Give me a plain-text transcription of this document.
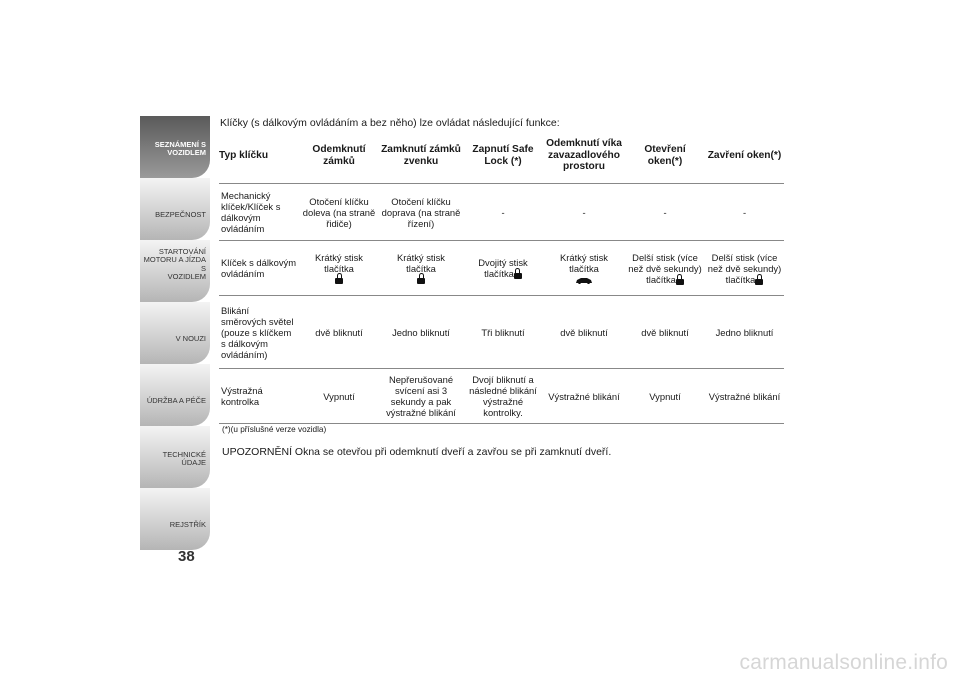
SEZNÁMENÍ S
VOZIDLEM
BEZPEČNOST
STARTOVÁNÍ
MOTORU A JÍZDA S
VOZIDLEM
V NOUZI
ÚDRŽBA A PÉČE
TECHNICKÉ ÚDAJE
REJSTŘÍK
38
Klíčky (s dálkovým ovládáním a bez něho) lze ovládat následující funkce:
Typ klíčku	Odemknutí zámků	Zamknutí zámků zvenku	Zapnutí Safe Lock (*)	Odemknutí víka zavazadlového prostoru	Otevření oken(*)	Zavření oken(*)
Mechanický klíček/Klíček s dálkovým ovládáním	Otočení klíčku doleva (na straně řidiče)	Otočení klíčku doprava (na straně řízení)	-	-	-	-
Klíček s dálkovým ovládáním	Krátký stisk tlačítka	Krátký stisk tlačítka	Dvojitý stisk tlačítka	Krátký stisk tlačítka	Delší stisk (více než dvě sekundy) tlačítka	Delší stisk (více než dvě sekundy) tlačítka
Blikání směrových světel (pouze s klíčkem s dálkovým ovládáním)	dvě bliknutí	Jedno bliknutí	Tři bliknutí	dvě bliknutí	dvě bliknutí	Jedno bliknutí
Výstražná kontrolka	Vypnutí	Nepřerušované svícení asi 3 sekundy a pak výstražné blikání	Dvojí bliknutí a následné blikání výstražné kontrolky.	Výstražné blikání	Vypnutí	Výstražné blikání
(*)(u příslušné verze vozidla)
UPOZORNĚNÍ Okna se otevřou při odemknutí dveří a zavřou se při zamknutí dveří.
carmanualsonline.info
